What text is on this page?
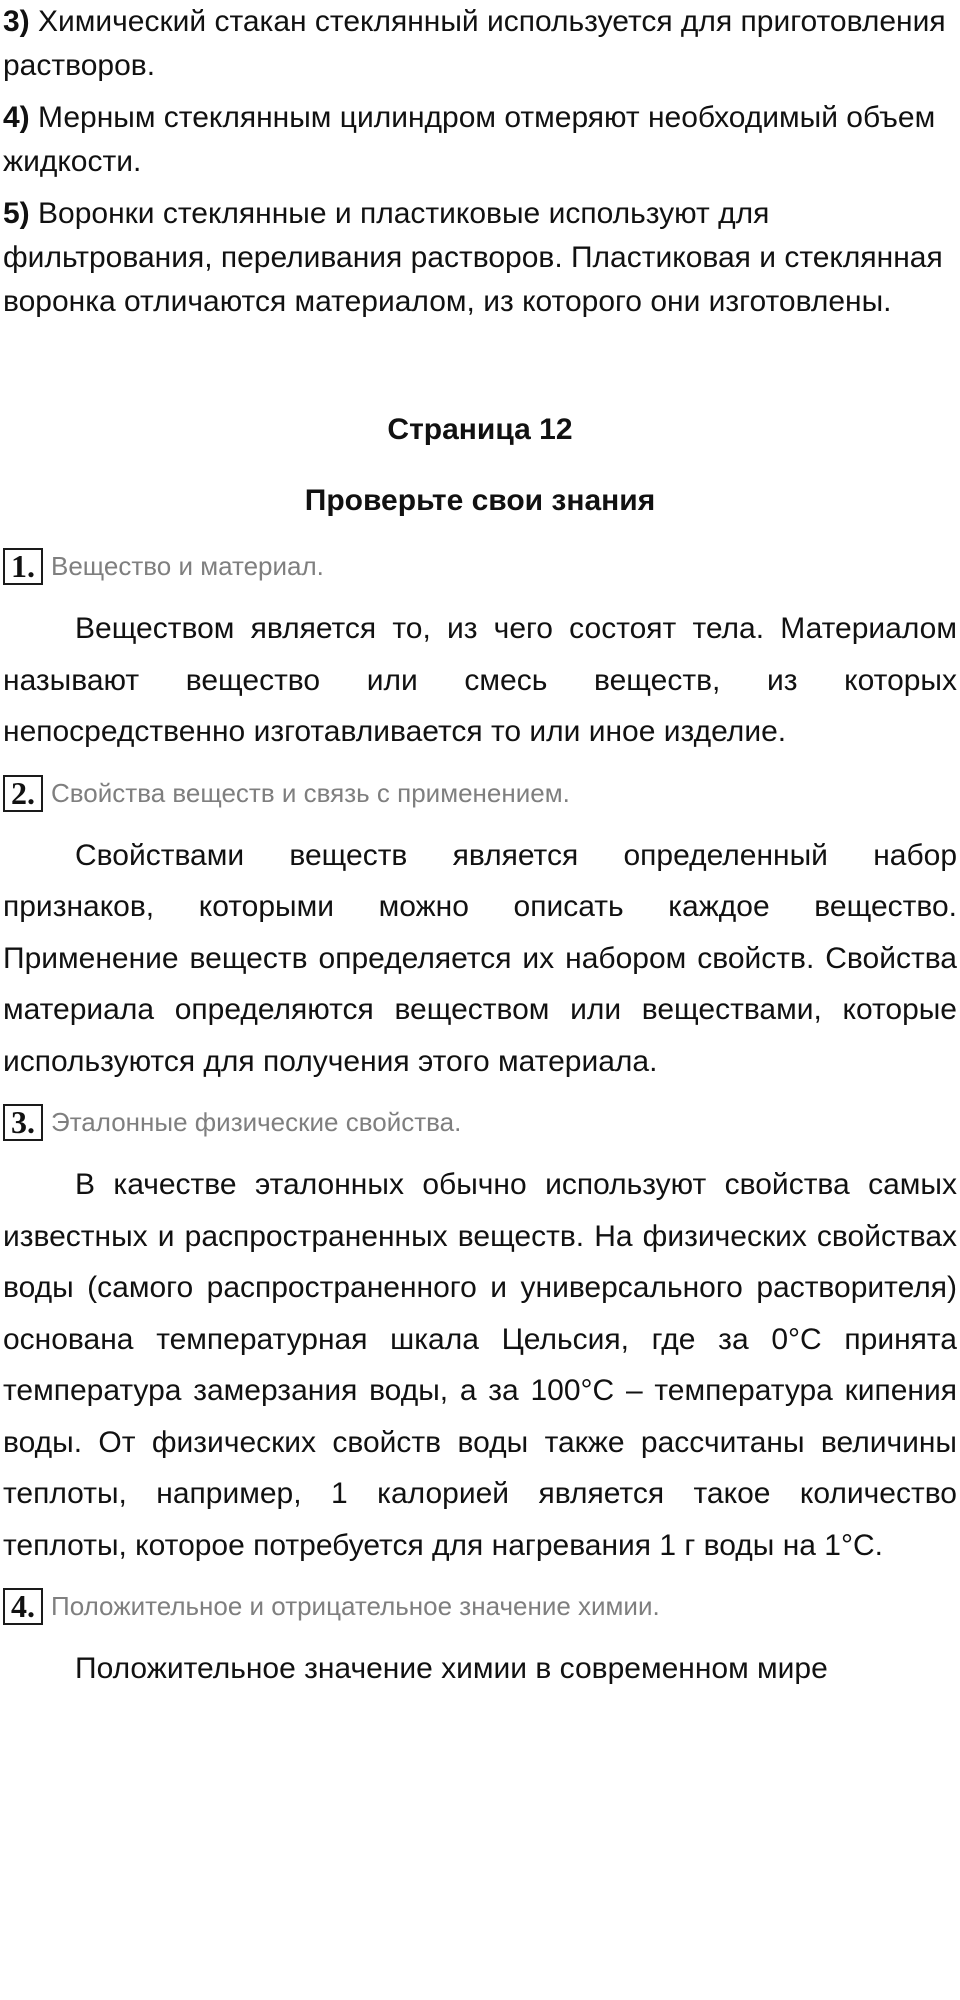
3) Химический стакан стеклянный используется для приготовления растворов.

4) Мерным стеклянным цилиндром отмеряют необходимый объем жидкости.

5) Воронки стеклянные и пластиковые используют для фильтрования, переливания растворов. Пластиковая и стеклянная воронка отличаются материалом, из которого они изготовлены.

Страница 12
Проверьте свои знания
1. Вещество и материал.

Веществом является то, из чего состоят тела. Материалом называют вещество или смесь веществ, из которых непосредственно изготавливается то или иное изделие.

2. Свойства веществ и связь с применением.

Свойствами веществ является определенный набор признаков, которыми можно описать каждое вещество. Применение веществ определяется их набором свойств. Свойства материала определяются веществом или веществами, которые используются для получения этого материала.

3. Эталонные физические свойства.

В качестве эталонных обычно используют свойства самых известных и распространенных веществ. На физических свойствах воды (самого распространенного и универсального растворителя) основана температурная шкала Цельсия, где за 0°С принята температура замерзания воды, а за 100°С – температура кипения воды. От физических свойств воды также рассчитаны величины теплоты, например, 1 калорией является такое количество теплоты, которое потребуется для нагревания 1 г воды на 1°С.

4. Положительное и отрицательное значение химии.

Положительное значение химии в современном мире
